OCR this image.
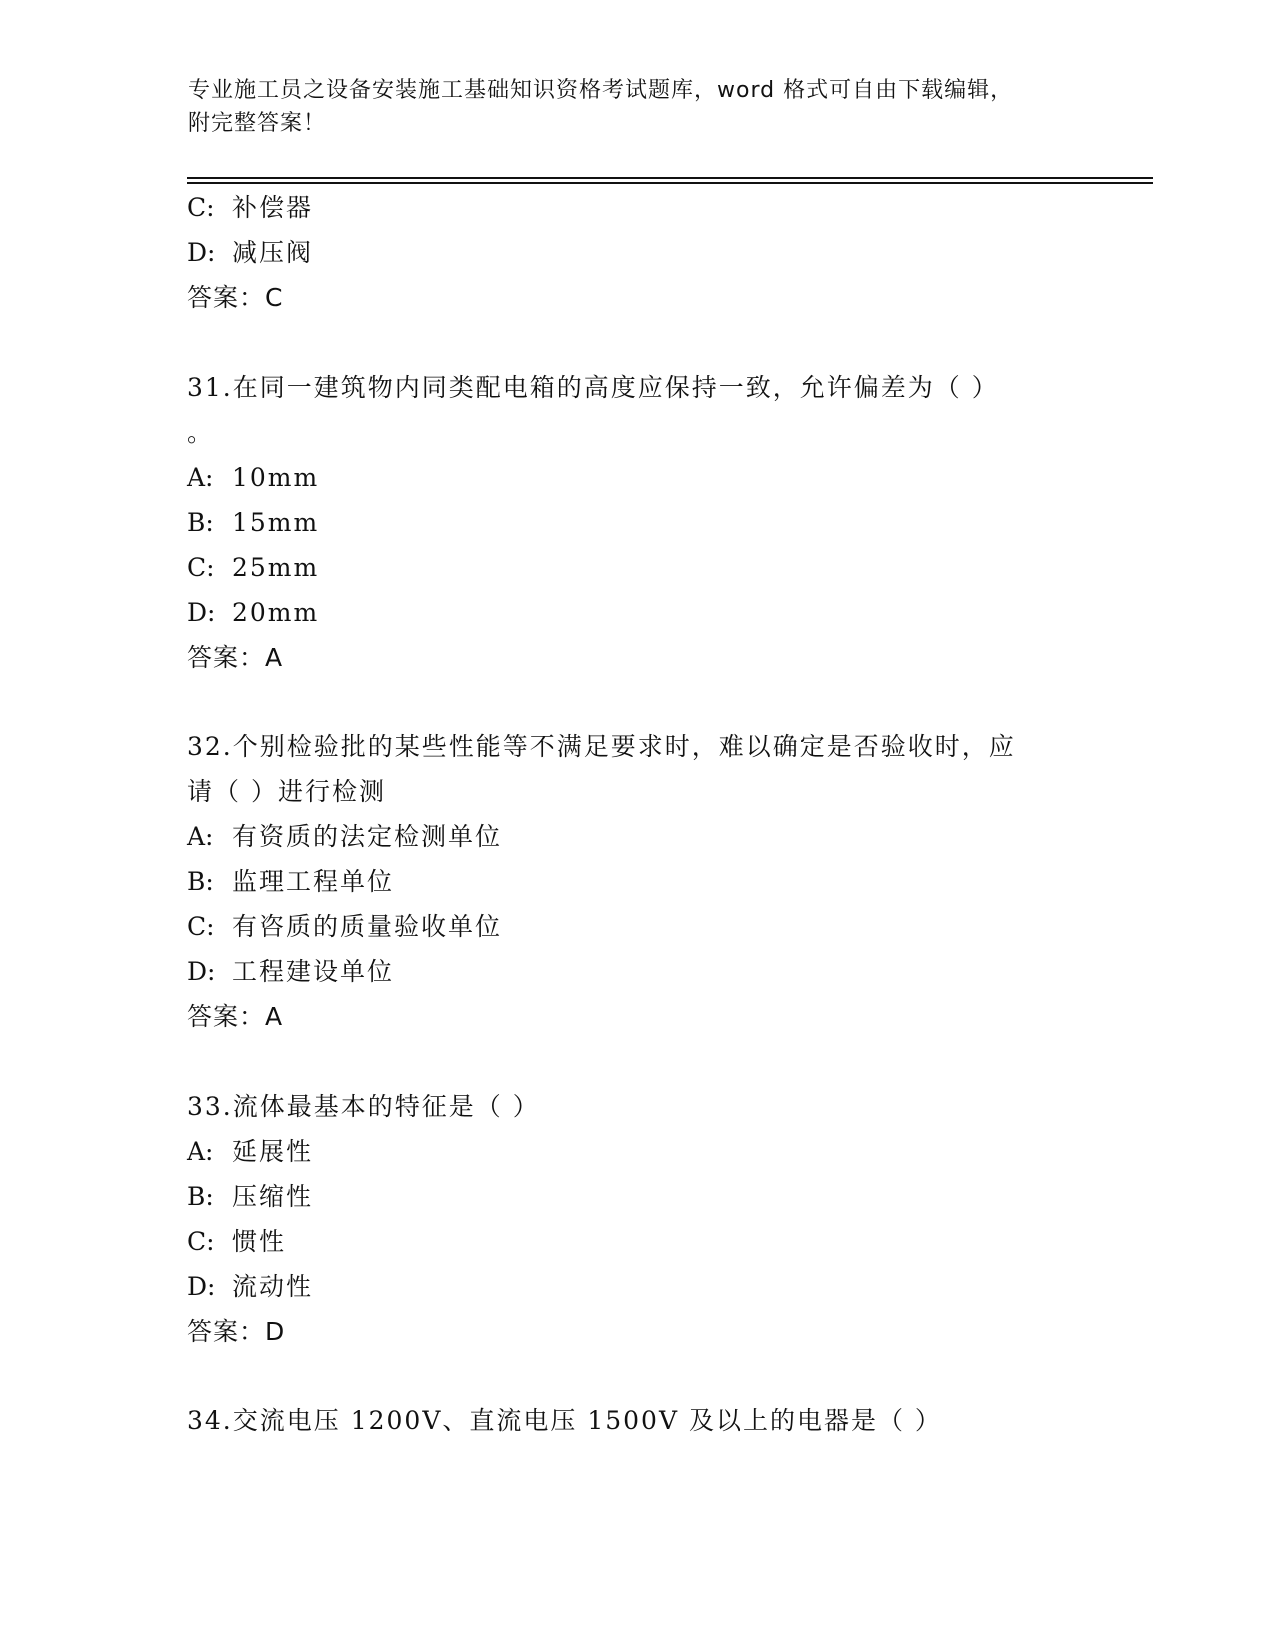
专业施工员之设备安装施工基础知识资格考试题库，word 格式可自由下载编辑，
附完整答案！
C: 补偿器
D: 减压阀
答案：C
31.在同一建筑物内同类配电箱的高度应保持一致，允许偏差为（ ）
。
A: 10mm
B: 15mm
C: 25mm
D: 20mm
答案：A
32.个别检验批的某些性能等不满足要求时，难以确定是否验收时，应
请（ ）进行检测
A: 有资质的法定检测单位
B: 监理工程单位
C: 有咨质的质量验收单位
D: 工程建设单位
答案：A
33.流体最基本的特征是（ ）
A: 延展性
B: 压缩性
C: 惯性
D: 流动性
答案：D
34.交流电压 1200V、直流电压 1500V 及以上的电器是（ ）
